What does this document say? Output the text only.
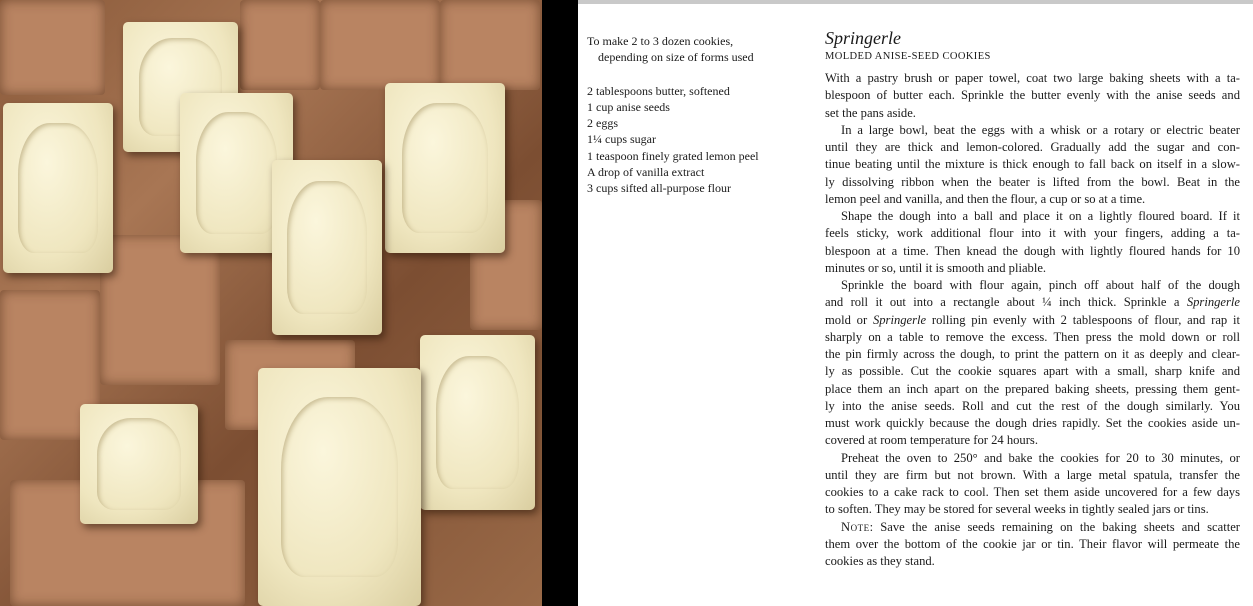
To make 2 to 3 dozen cookies,
depending on size of forms used
2 tablespoons butter, softened
1 cup anise seeds
2 eggs
1¼ cups sugar
1 teaspoon finely grated lemon peel
A drop of vanilla extract
3 cups sifted all-purpose flour
Springerle
MOLDED ANISE-SEED COOKIES
With a pastry brush or paper towel, coat two large baking sheets with a ta-
blespoon of butter each. Sprinkle the butter evenly with the anise seeds and
set the pans aside.
In a large bowl, beat the eggs with a whisk or a rotary or electric beater
until they are thick and lemon-colored. Gradually add the sugar and con-
tinue beating until the mixture is thick enough to fall back on itself in a slow-
ly dissolving ribbon when the beater is lifted from the bowl. Beat in the
lemon peel and vanilla, and then the flour, a cup or so at a time.
Shape the dough into a ball and place it on a lightly floured board. If it
feels sticky, work additional flour into it with your fingers, adding a ta-
blespoon at a time. Then knead the dough with lightly floured hands for 10
minutes or so, until it is smooth and pliable.
Sprinkle the board with flour again, pinch off about half of the dough
and roll it out into a rectangle about ¼ inch thick. Sprinkle a Springerle
mold or Springerle rolling pin evenly with 2 tablespoons of flour, and rap it
sharply on a table to remove the excess. Then press the mold down or roll
the pin firmly across the dough, to print the pattern on it as deeply and clear-
ly as possible. Cut the cookie squares apart with a small, sharp knife and
place them an inch apart on the prepared baking sheets, pressing them gent-
ly into the anise seeds. Roll and cut the rest of the dough similarly. You
must work quickly because the dough dries rapidly. Set the cookies aside un-
covered at room temperature for 24 hours.
Preheat the oven to 250° and bake the cookies for 20 to 30 minutes, or
until they are firm but not brown. With a large metal spatula, transfer the
cookies to a cake rack to cool. Then set them aside uncovered for a few days
to soften. They may be stored for several weeks in tightly sealed jars or tins.
Note: Save the anise seeds remaining on the baking sheets and scatter
them over the bottom of the cookie jar or tin. Their flavor will permeate the
cookies as they stand.
